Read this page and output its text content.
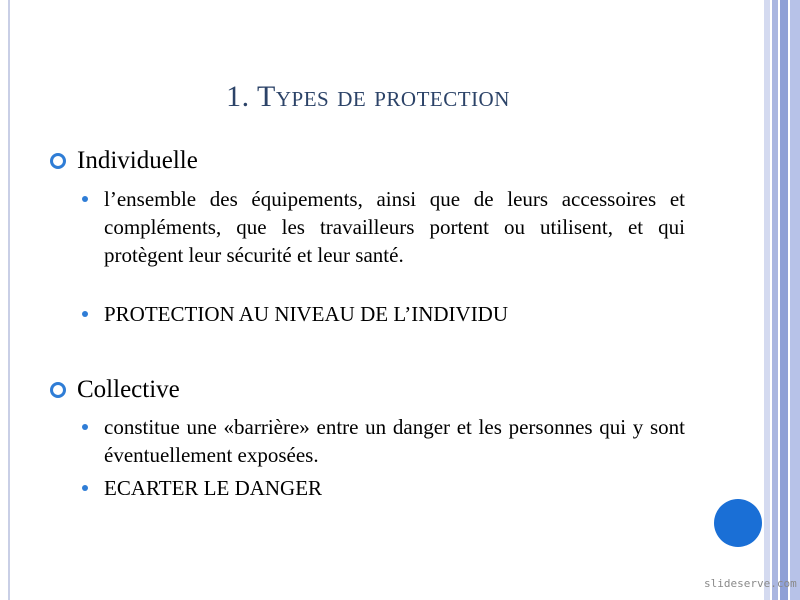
1. Types de protection
Individuelle
l’ensemble des équipements, ainsi que de leurs accessoires et compléments, que les travailleurs portent ou utilisent, et qui protègent leur sécurité et leur santé.
PROTECTION AU NIVEAU DE L’INDIVIDU
Collective
constitue une «barrière» entre un danger et les personnes qui y sont éventuellement exposées.
ECARTER LE DANGER
slideserve.com
